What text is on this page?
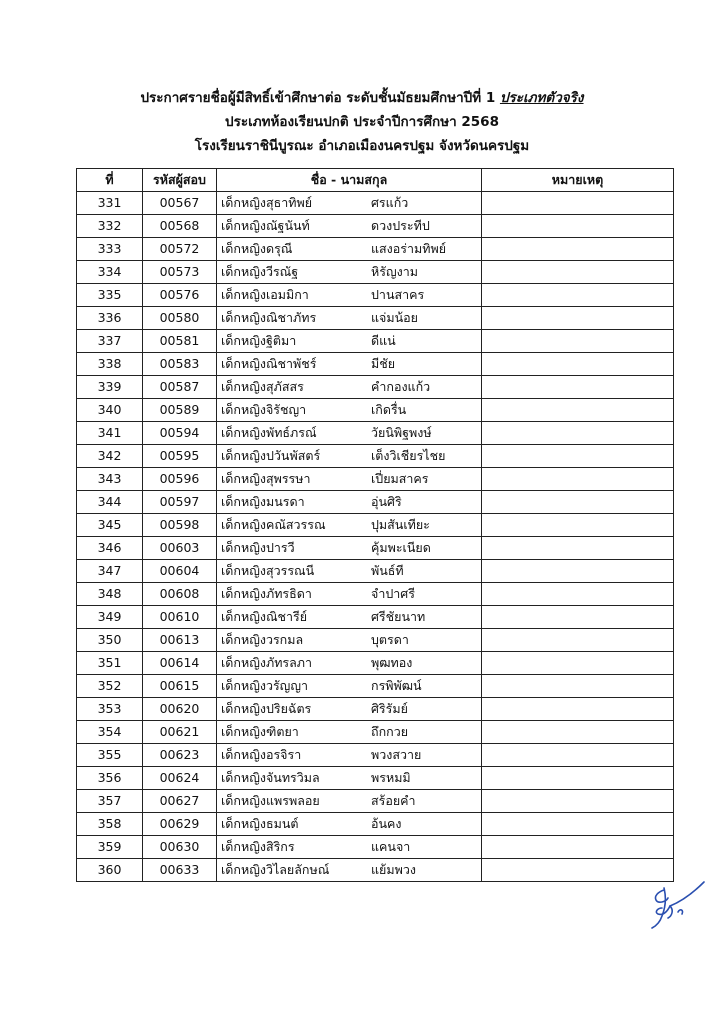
ประกาศรายชื่อผู้มีสิทธิ์เข้าศึกษาต่อ ระดับชั้นมัธยมศึกษาปีที่ 1 ประเภทตัวจริง
ประเภทห้องเรียนปกติ ประจำปีการศึกษา 2568
โรงเรียนราชินีบูรณะ อำเภอเมืองนครปฐม จังหวัดนครปฐม
ที่	รหัสผู้สอบ	ชื่อ - นามสกุล	หมายเหตุ
331	00567	เด็กหญิงสุธาทิพย์ ศรแก้ว	
332	00568	เด็กหญิงณัฐนันท์ ดวงประทีป	
333	00572	เด็กหญิงดรุณี แสงอร่ามทิพย์	
334	00573	เด็กหญิงวีรณัฐ หิรัญงาม	
335	00576	เด็กหญิงเอมมิกา ปานสาคร	
336	00580	เด็กหญิงณิชาภัทร แจ่มน้อย	
337	00581	เด็กหญิงฐิติมา ดีแน่	
338	00583	เด็กหญิงณิชาพัชร์ มีชัย	
339	00587	เด็กหญิงสุภัสสร คำกองแก้ว	
340	00589	เด็กหญิงจิรัชญา เกิดรื่น	
341	00594	เด็กหญิงพัทธ์ภรณ์ วัยนิพิฐพงษ์	
342	00595	เด็กหญิงปวันพัสตร์ เต็งวิเชียรไชย	
343	00596	เด็กหญิงสุพรรษา เปี่ยมสาคร	
344	00597	เด็กหญิงมนรดา อุ่นศิริ	
345	00598	เด็กหญิงคณัสวรรณ ปุมสันเทียะ	
346	00603	เด็กหญิงปารวี คุ้มพะเนียด	
347	00604	เด็กหญิงสุวรรณนี พันธ์ที	
348	00608	เด็กหญิงภัทรธิดา จำปาศรี	
349	00610	เด็กหญิงณิชารีย์ ศรีชัยนาท	
350	00613	เด็กหญิงวรกมล บุตรดา	
351	00614	เด็กหญิงภัทรลภา พุฒทอง	
352	00615	เด็กหญิงวรัญญา กรพิพัฒน์	
353	00620	เด็กหญิงปริยฉัตร ศิริรัมย์	
354	00621	เด็กหญิงฑิตยา ถึกกวย	
355	00623	เด็กหญิงอรจิรา พวงสวาย	
356	00624	เด็กหญิงจันทรวิมล พรหมมิ	
357	00627	เด็กหญิงแพรพลอย สร้อยคำ	
358	00629	เด็กหญิงธมนต์ อ้นคง	
359	00630	เด็กหญิงสิริกร แคนจา	
360	00633	เด็กหญิงวิไลยลักษณ์ แย้มพวง	
